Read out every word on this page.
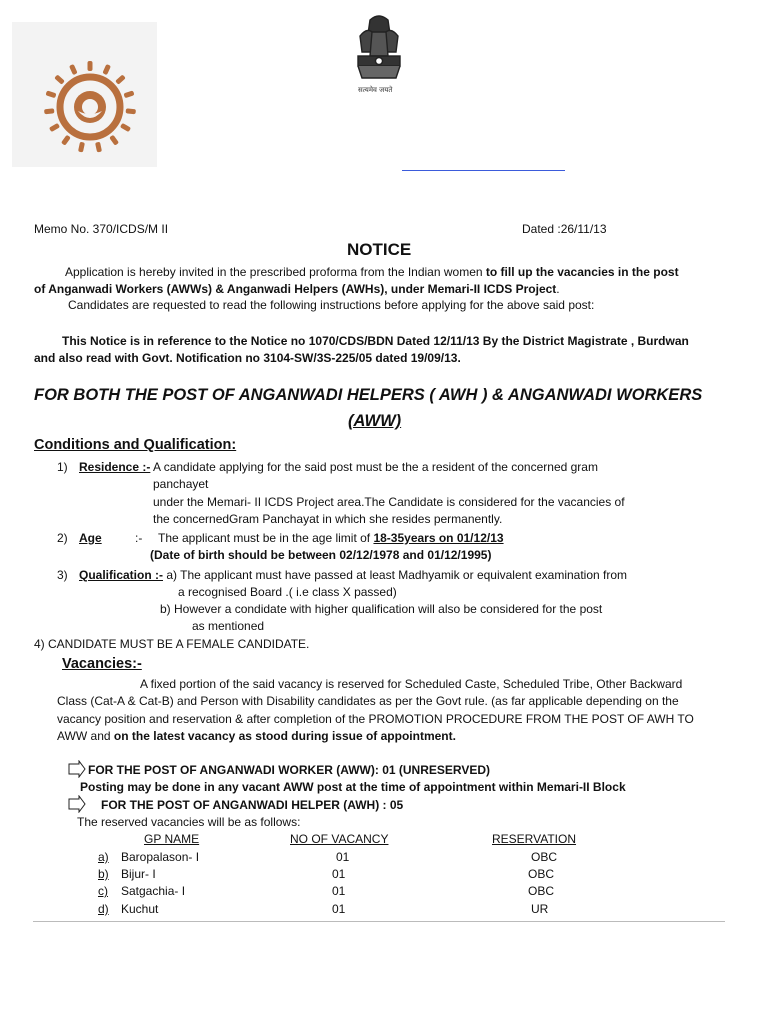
सत्यमेव जयते
Memo No. 370/ICDS/M II	Dated :26/11/13
NOTICE
Application is hereby invited in the prescribed proforma from the Indian women to fill up the vacancies in the post
of Anganwadi Workers (AWWs) & Anganwadi Helpers (AWHs), under Memari-II ICDS Project.
Candidates are requested to read the following instructions before applying for the above said post:
This Notice is in reference to the Notice no 1070/CDS/BDN Dated 12/11/13 By the District Magistrate , Burdwan
and also read with Govt. Notification no 3104-SW/3S-225/05 dated 19/09/13.
FOR BOTH THE POST OF ANGANWADI HELPERS ( AWH ) & ANGANWADI WORKERS
(AWW)
Conditions and Qualification:
1) Residence :- A candidate applying for the said post must be the a resident of the concerned gram
panchayet
under the Memari- II ICDS Project area.The Candidate is considered for the vacancies of
the concernedGram Panchayat in which she resides permanently.
2) Age	:- The applicant must be in the age limit of 18-35years on 01/12/13
(Date of birth should be between 02/12/1978 and 01/12/1995)
3) Qualification :- a) The applicant must have passed at least Madhyamik or equivalent examination from
a recognised Board .( i.e class X passed)
b) However a condidate with higher qualification will also be considered for the post
as mentioned
4) CANDIDATE MUST BE A FEMALE CANDIDATE.
Vacancies:-
A fixed portion of the said vacancy is reserved for Scheduled Caste, Scheduled Tribe, Other Backward
Class (Cat-A & Cat-B) and Person with Disability candidates as per the Govt rule. (as far applicable depending on the
vacancy position and reservation & after completion of the PROMOTION PROCEDURE FROM THE POST OF AWH TO
AWW and on the latest vacancy as stood during issue of appointment.
FOR THE POST OF ANGANWADI WORKER (AWW): 01 (UNRESERVED)
Posting may be done in any vacant AWW post at the time of appointment within Memari-II Block
FOR THE POST OF ANGANWADI HELPER (AWH) : 05
The reserved vacancies will be as follows:
GP NAME	NO OF VACANCY	RESERVATION
a) Baropalason- I	01	OBC
b) Bijur- I	01	OBC
c) Satgachia- I	01	OBC
d) Kuchut	01	UR
